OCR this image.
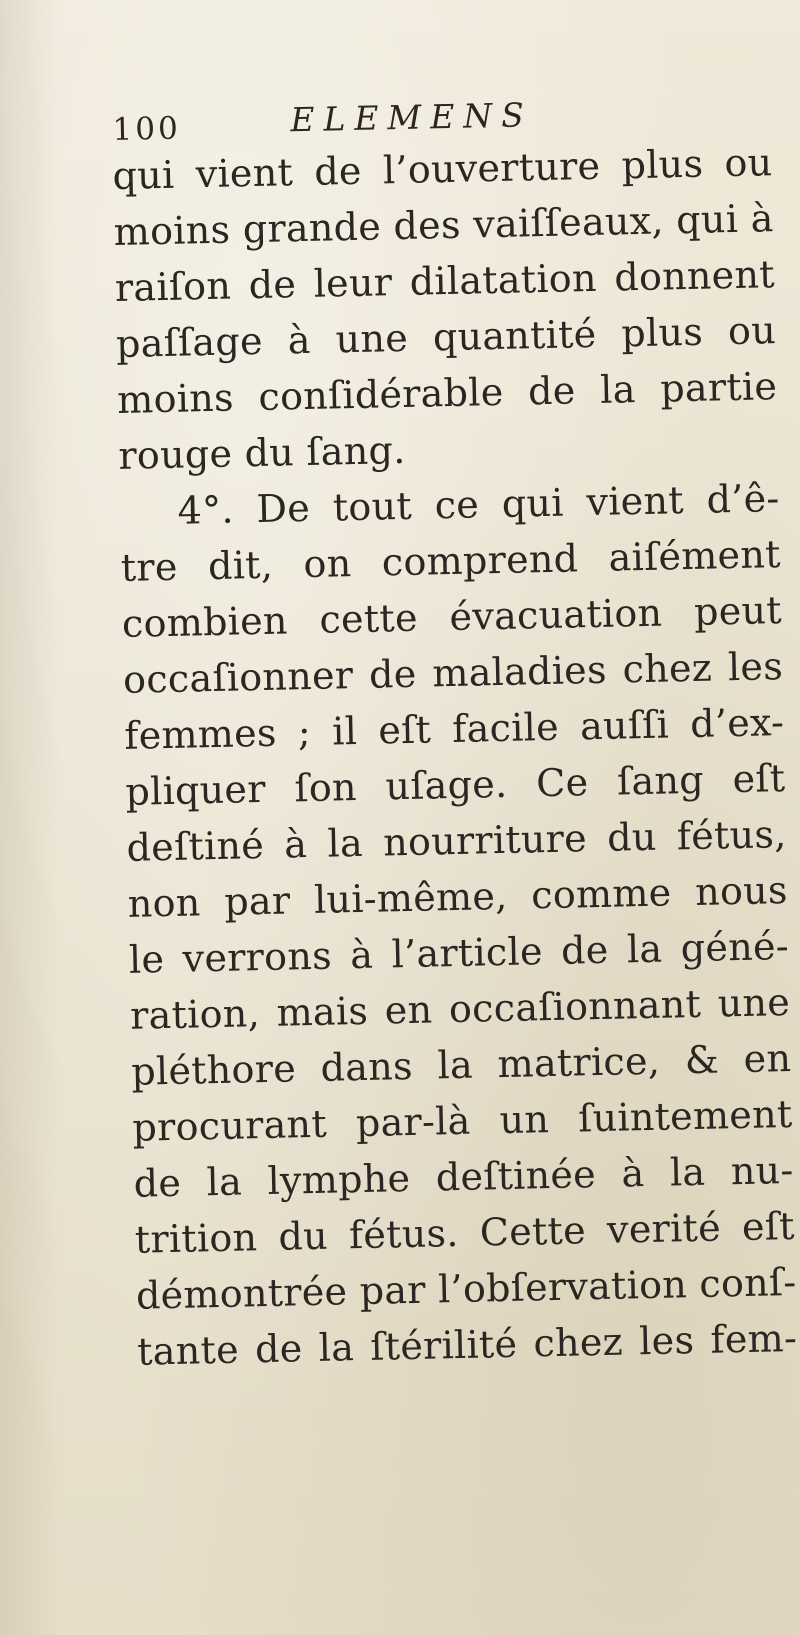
100	ELEMENS
qui vient de l’ouverture plus ou
moins grande des vaiſſeaux, qui à
raiſon de leur dilatation donnent
paſſage à une quantité plus ou
moins conſidérable de la partie
rouge du ſang.
4°. De tout ce qui vient d’ê-
tre dit, on comprend aiſément
combien cette évacuation peut
occaſionner de maladies chez les
femmes ; il eſt facile auſſi d’ex-
pliquer ſon uſage. Ce ſang eſt
deſtiné à la nourriture du fétus,
non par lui-même, comme nous
le verrons à l’article de la géné-
ration, mais en occaſionnant une
pléthore dans la matrice, & en
procurant par-là un ſuintement
de la lymphe deſtinée à la nu-
trition du fétus. Cette verité eſt
démontrée par l’obſervation conſ-
tante de la ſtérilité chez les fem-
